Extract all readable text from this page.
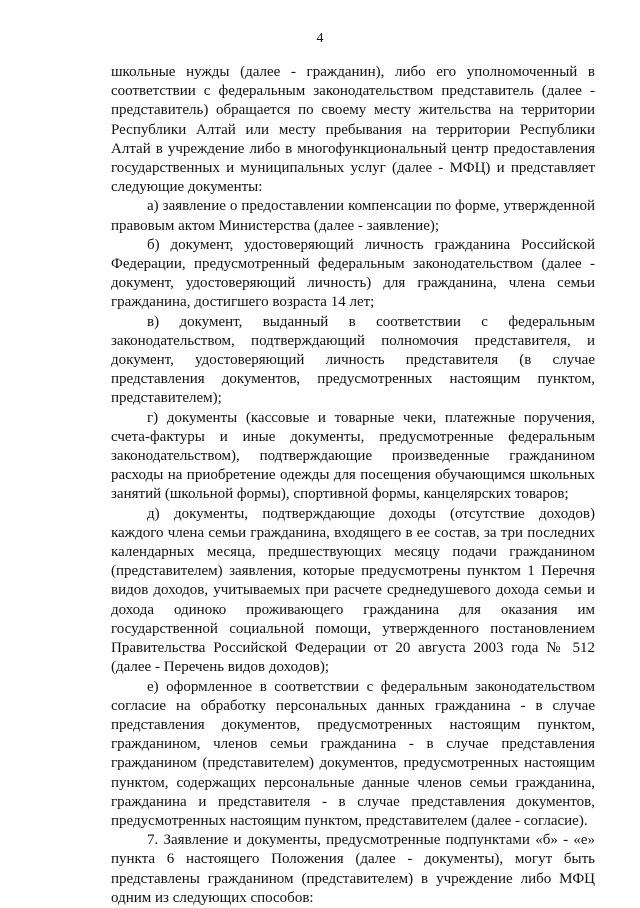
4

школьные нужды (далее - гражданин), либо его уполномоченный в соответствии с федеральным законодательством представитель (далее - представитель) обращается по своему месту жительства на территории Республики Алтай или месту пребывания на территории Республики Алтай в учреждение либо в многофункциональный центр предоставления государственных и муниципальных услуг (далее - МФЦ) и представляет следующие документы:

а) заявление о предоставлении компенсации по форме, утвержденной правовым актом Министерства (далее - заявление);

б) документ, удостоверяющий личность гражданина Российской Федерации, предусмотренный федеральным законодательством (далее - документ, удостоверяющий личность) для гражданина, члена семьи гражданина, достигшего возраста 14 лет;

в) документ, выданный в соответствии с федеральным законодательством, подтверждающий полномочия представителя, и документ, удостоверяющий личность представителя (в случае представления документов, предусмотренных настоящим пунктом, представителем);

г) документы (кассовые и товарные чеки, платежные поручения, счета-фактуры и иные документы, предусмотренные федеральным законодательством), подтверждающие произведенные гражданином расходы на приобретение одежды для посещения обучающимся школьных занятий (школьной формы), спортивной формы, канцелярских товаров;

д) документы, подтверждающие доходы (отсутствие доходов) каждого члена семьи гражданина, входящего в ее состав, за три последних календарных месяца, предшествующих месяцу подачи гражданином (представителем) заявления, которые предусмотрены пунктом 1 Перечня видов доходов, учитываемых при расчете среднедушевого дохода семьи и дохода одиноко проживающего гражданина для оказания им государственной социальной помощи, утвержденного постановлением Правительства Российской Федерации от 20 августа 2003 года № 512 (далее - Перечень видов доходов);

е) оформленное в соответствии с федеральным законодательством согласие на обработку персональных данных гражданина - в случае представления документов, предусмотренных настоящим пунктом, гражданином, членов семьи гражданина - в случае представления гражданином (представителем) документов, предусмотренных настоящим пунктом, содержащих персональные данные членов семьи гражданина, гражданина и представителя - в случае представления документов, предусмотренных настоящим пунктом, представителем (далее - согласие).

7. Заявление и документы, предусмотренные подпунктами «б» - «е» пункта 6 настоящего Положения (далее - документы), могут быть представлены гражданином (представителем) в учреждение либо МФЦ одним из следующих способов:
